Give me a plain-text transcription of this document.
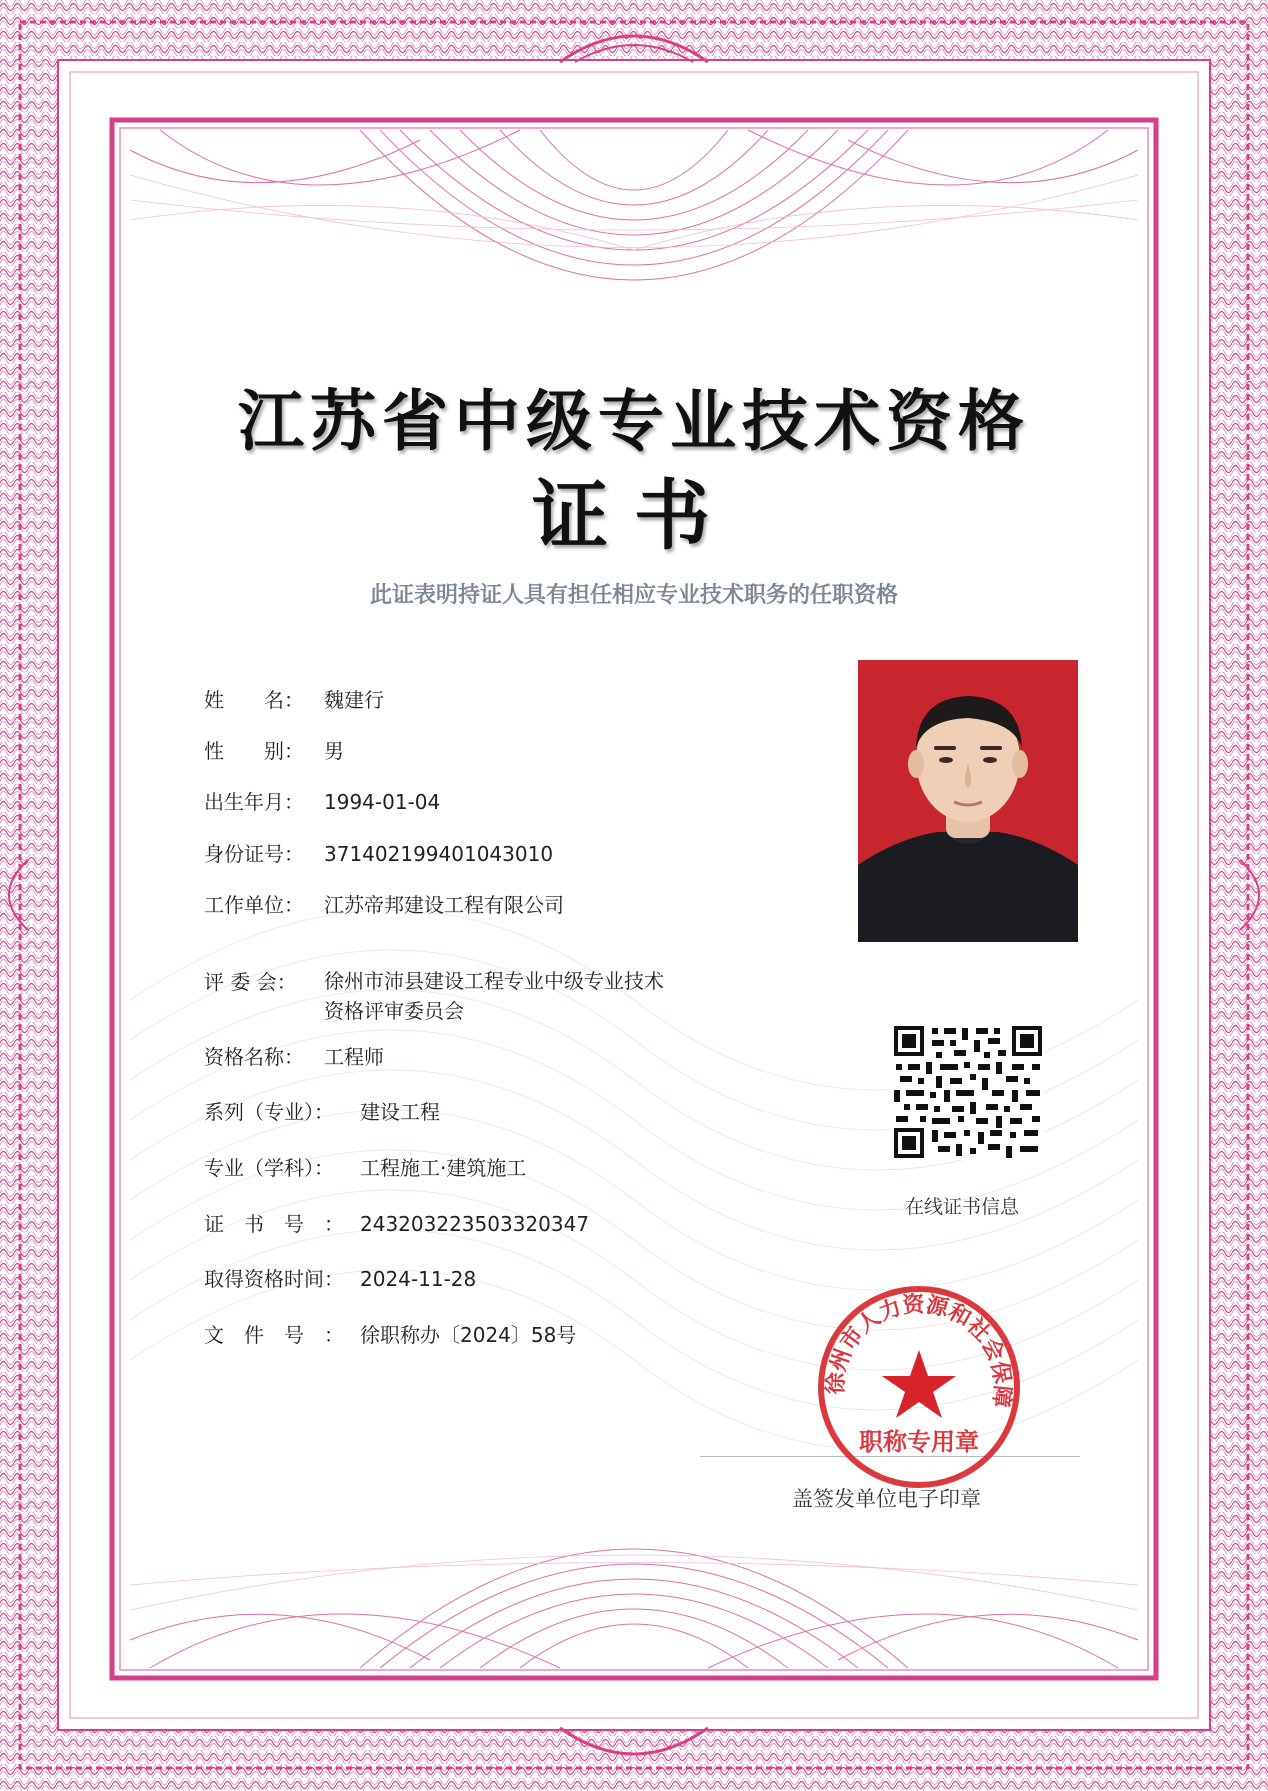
江苏省中级专业技术资格
证书
此证表明持证人具有担任相应专业技术职务的任职资格
姓　　名： 魏建行
性　　别： 男
出生年月： 1994-01-04
身份证号： 371402199401043010
工作单位： 江苏帝邦建设工程有限公司
评 委 会： 徐州市沛县建设工程专业中级专业技术
资格评审委员会
资格名称： 工程师
系列（专业）： 建设工程
专业（学科）： 工程施工·建筑施工
证　书　号　： 243203223503320347
取得资格时间： 2024-11-28
文　件　号　： 徐职称办〔2024〕58号
在线证书信息
盖签发单位电子印章
徐州市人力资源和社会保障
职称专用章
